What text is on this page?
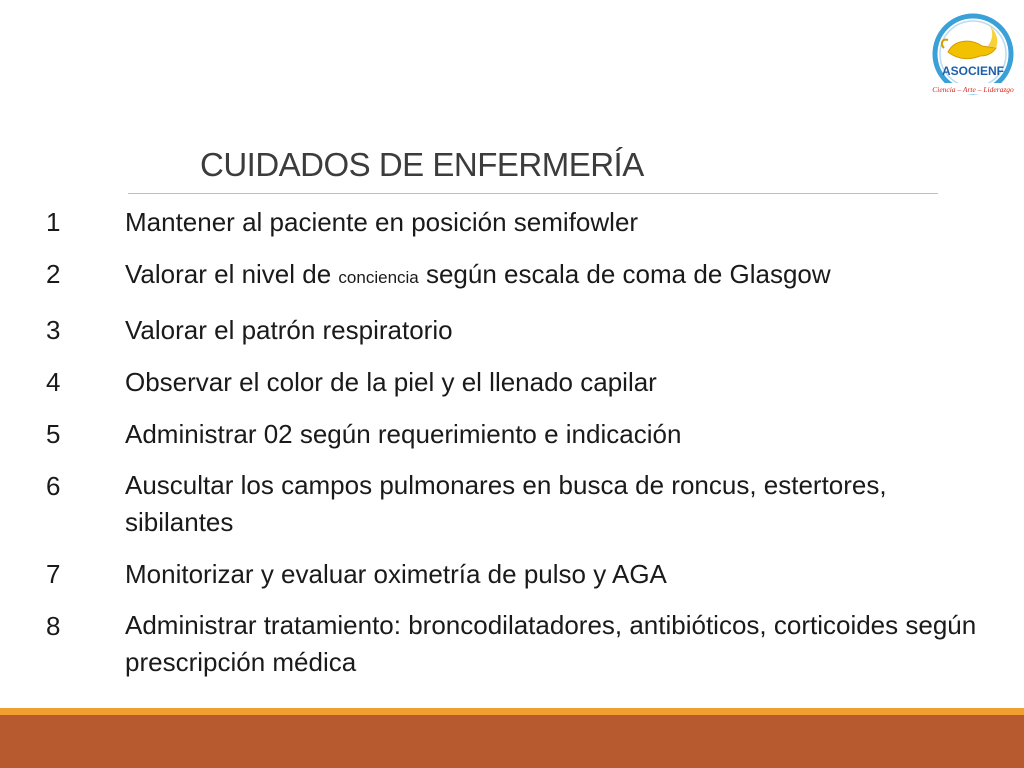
ASOCIENF
Ciencia – Arte – Liderazgo
CUIDADOS DE ENFERMERÍA
1	Mantener al paciente en posición semifowler
2	Valorar el nivel de conciencia según escala de coma de Glasgow
3	Valorar el patrón respiratorio
4	Observar el color de la piel y el llenado capilar
5	Administrar 02 según requerimiento e indicación
6	Auscultar los campos pulmonares en busca de roncus, estertores, sibilantes
7	Monitorizar y evaluar oximetría de pulso y AGA
8	Administrar tratamiento: broncodilatadores, antibióticos, corticoides según prescripción médica
